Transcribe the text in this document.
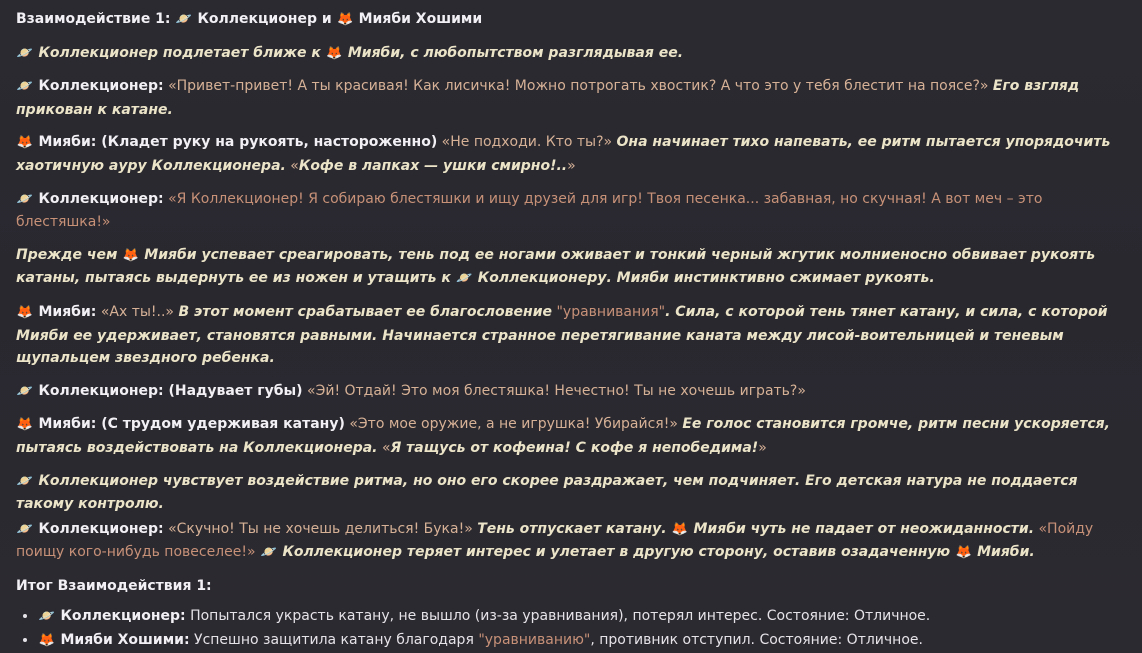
Взаимодействие 1: 🪐 Коллекционер и 🦊 Мияби Хошими

🪐 Коллекционер подлетает ближе к 🦊 Мияби, с любопытством разглядывая ее.

🪐 Коллекционер: «Привет-привет! А ты красивая! Как лисичка! Можно потрогать хвостик? А что это у тебя блестит на поясе?» Его взгляд прикован к катане.

🦊 Мияби: (Кладет руку на рукоять, настороженно) «Не подходи. Кто ты?» Она начинает тихо напевать, ее ритм пытается упорядочить хаотичную ауру Коллекционера. «Кофе в лапках — ушки смирно!..»

🪐 Коллекционер: «Я Коллекционер! Я собираю блестяшки и ищу друзей для игр! Твоя песенка... забавная, но скучная! А вот меч – это блестяшка!»

Прежде чем 🦊 Мияби успевает среагировать, тень под ее ногами оживает и тонкий черный жгутик молниеносно обвивает рукоять катаны, пытаясь выдернуть ее из ножен и утащить к 🪐 Коллекционеру. Мияби инстинктивно сжимает рукоять.

🦊 Мияби: «Ах ты!..» В этот момент срабатывает ее благословение "уравнивания". Сила, с которой тень тянет катану, и сила, с которой Мияби ее удерживает, становятся равными. Начинается странное перетягивание каната между лисой-воительницей и теневым щупальцем звездного ребенка.

🪐 Коллекционер: (Надувает губы) «Эй! Отдай! Это моя блестяшка! Нечестно! Ты не хочешь играть?»

🦊 Мияби: (С трудом удерживая катану) «Это мое оружие, а не игрушка! Убирайся!» Ее голос становится громче, ритм песни ускоряется, пытаясь воздействовать на Коллекционера. «Я тащусь от кофеина! С кофе я непобедима!»

🪐 Коллекционер чувствует воздействие ритма, но оно его скорее раздражает, чем подчиняет. Его детская натура не поддается такому контролю.

🪐 Коллекционер: «Скучно! Ты не хочешь делиться! Бука!» Тень отпускает катану. 🦊 Мияби чуть не падает от неожиданности. «Пойду поищу кого-нибудь повеселее!» 🪐 Коллекционер теряет интерес и улетает в другую сторону, оставив озадаченную 🦊 Мияби.

Итог Взаимодействия 1:

• 🪐 Коллекционер: Попытался украсть катану, не вышло (из-за уравнивания), потерял интерес. Состояние: Отличное.
• 🦊 Мияби Хошими: Успешно защитила катану благодаря "уравниванию", противник отступил. Состояние: Отличное.
